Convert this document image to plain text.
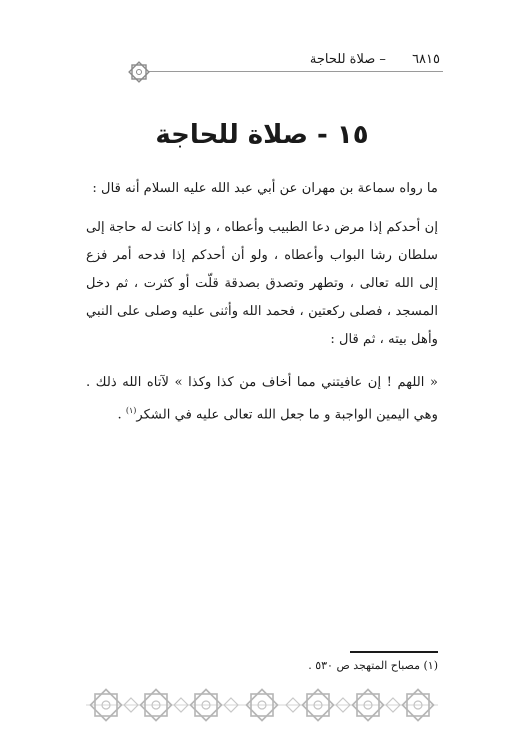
٦٨١٥ – صلاة للحاجة
١٥ - صلاة للحاجة

ما رواه سماعة بن مهران عن أبي عبد الله عليه السلام أنه قال :

إن أحدكم إذا مرض دعا الطبيب وأعطاه ، و إذا كانت له حاجة إلى سلطان رشا البواب وأعطاه ، ولو أن أحدكم إذا فدحه أمر فزع إلى الله تعالى ، وتطهر وتصدق بصدقة قلّت أو كثرت ، ثم دخل المسجد ، فصلى ركعتين ، فحمد الله وأثنى عليه وصلى على النبي وأهل بيته ، ثم قال :

« اللهم ! إن عافيتني مما أخاف من كذا وكذا » لآتاه الله ذلك . وهي اليمين الواجبة و ما جعل الله تعالى عليه في الشكر$^{(١)}$ .

(١) مصباح المتهجد ص ٥٣٠ .
